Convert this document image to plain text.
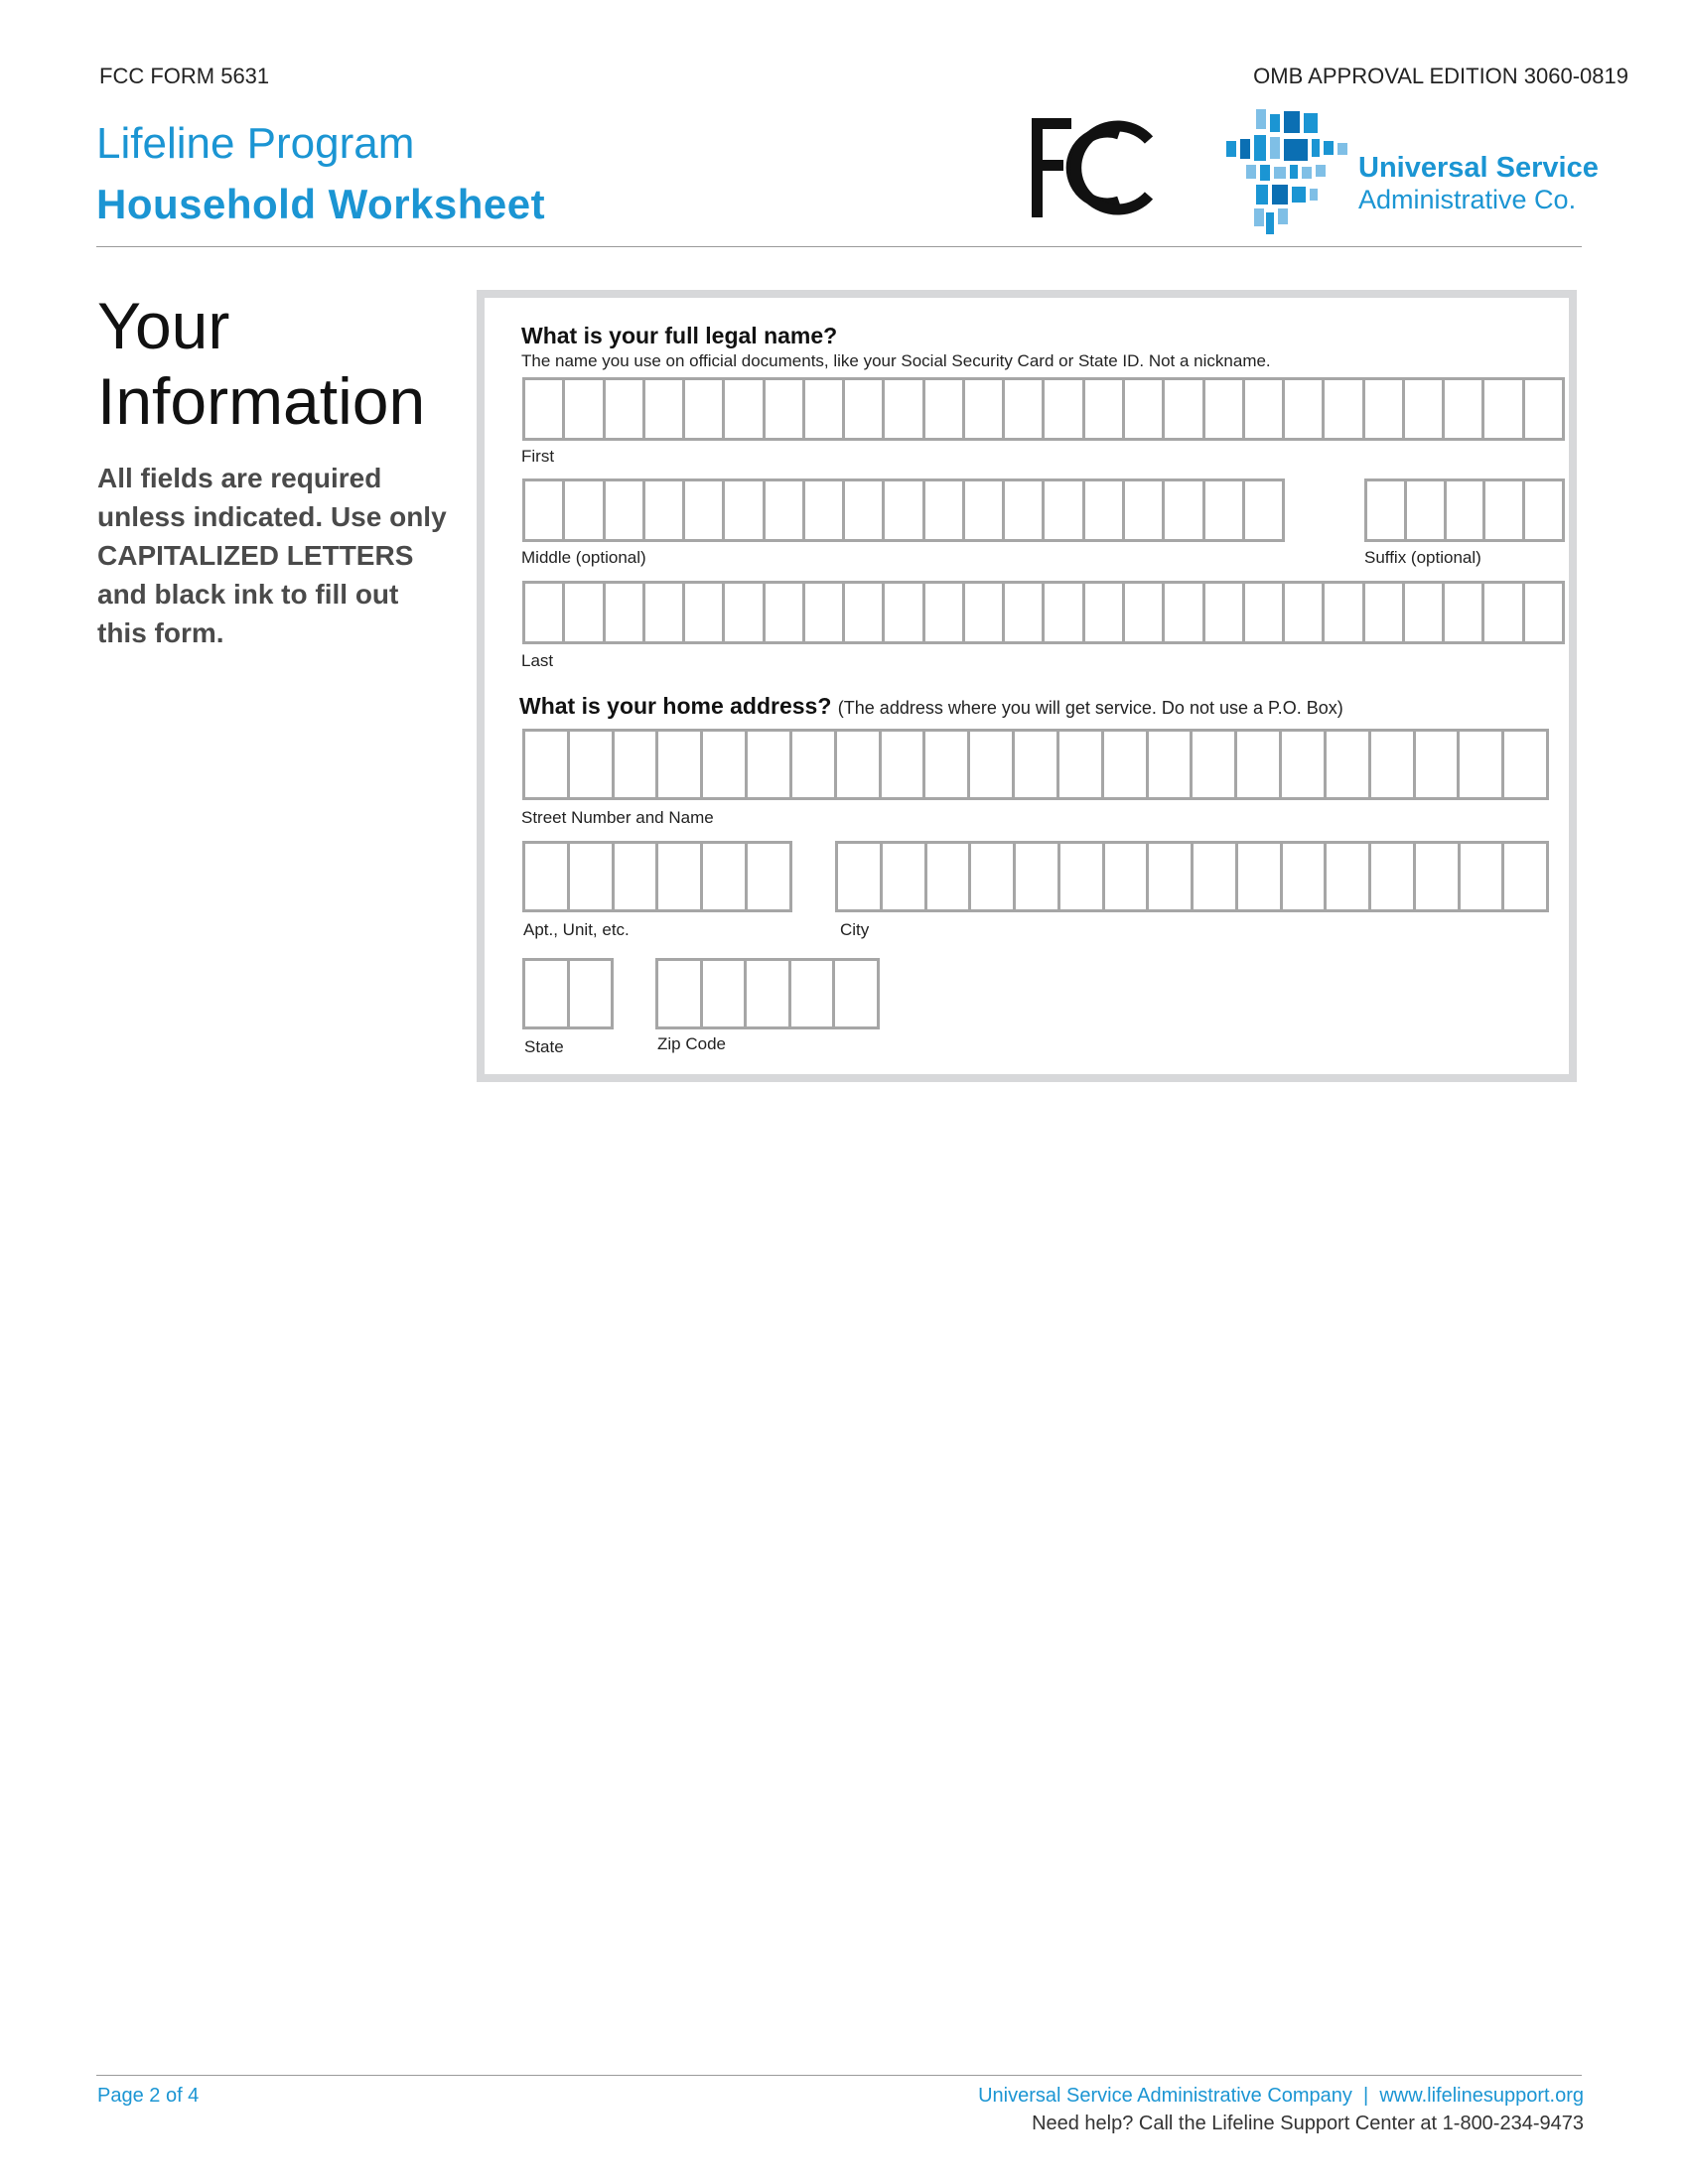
FCC FORM 5631	OMB APPROVAL EDITION 3060-0819
Lifeline Program
Household Worksheet
Universal Service
Administrative Co.
Your
Information
All fields are required
unless indicated. Use only
CAPITALIZED LETTERS
and black ink to fill out
this form.
What is your full legal name?
The name you use on official documents, like your Social Security Card or State ID. Not a nickname.
First
Middle (optional)	Suffix (optional)
Last
What is your home address? (The address where you will get service. Do not use a P.O. Box)
Street Number and Name
Apt., Unit, etc.	City
State	Zip Code
Page 2 of 4	Universal Service Administrative Company  |  www.lifelinesupport.org
Need help? Call the Lifeline Support Center at 1-800-234-9473
